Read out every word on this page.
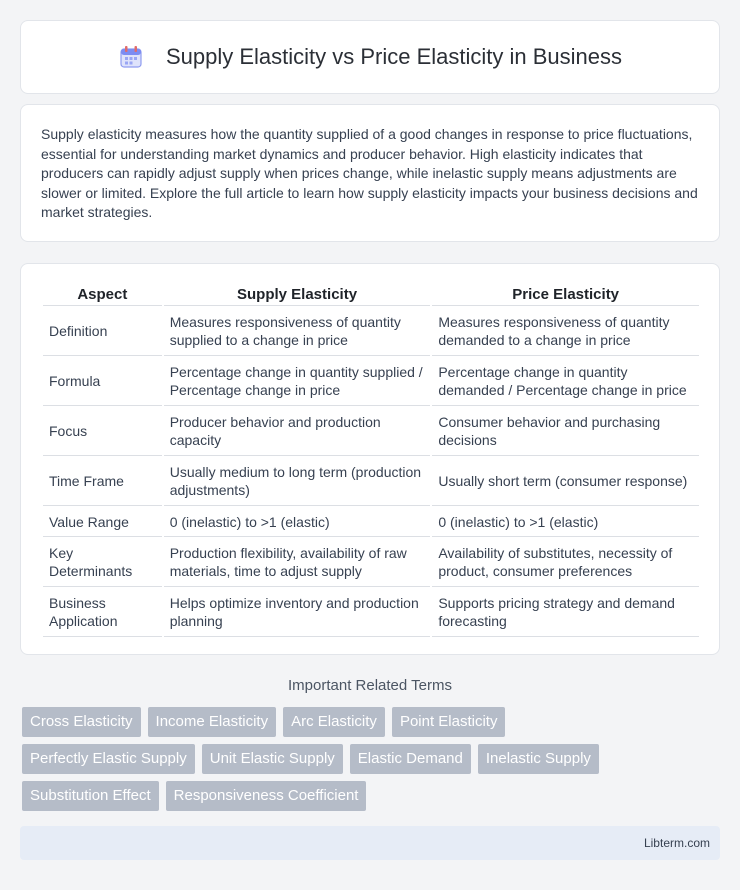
Supply Elasticity vs Price Elasticity in Business

Supply elasticity measures how the quantity supplied of a good changes in response to price fluctuations, essential for understanding market dynamics and producer behavior. High elasticity indicates that producers can rapidly adjust supply when prices change, while inelastic supply means adjustments are slower or limited. Explore the full article to learn how supply elasticity impacts your business decisions and market strategies.

Aspect	Supply Elasticity	Price Elasticity
Definition	Measures responsiveness of quantity supplied to a change in price	Measures responsiveness of quantity demanded to a change in price
Formula	Percentage change in quantity supplied / Percentage change in price	Percentage change in quantity demanded / Percentage change in price
Focus	Producer behavior and production capacity	Consumer behavior and purchasing decisions
Time Frame	Usually medium to long term (production adjustments)	Usually short term (consumer response)
Value Range	0 (inelastic) to >1 (elastic)	0 (inelastic) to >1 (elastic)
Key Determinants	Production flexibility, availability of raw materials, time to adjust supply	Availability of substitutes, necessity of product, consumer preferences
Business Application	Helps optimize inventory and production planning	Supports pricing strategy and demand forecasting
Important Related Terms
Cross Elasticity	Income Elasticity	Arc Elasticity	Point Elasticity
Perfectly Elastic Supply	Unit Elastic Supply	Elastic Demand	Inelastic Supply
Substitution Effect	Responsiveness Coefficient
Libterm.com
